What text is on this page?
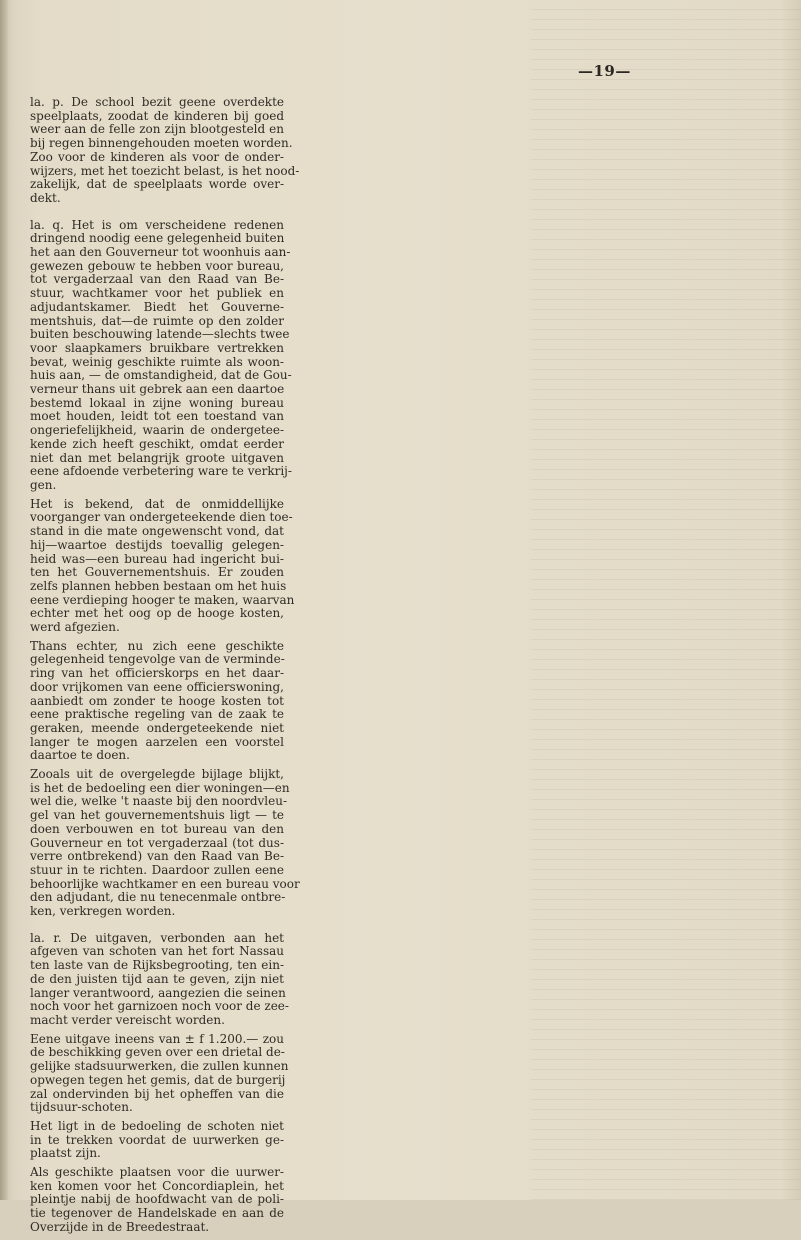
—19—

la. p. De school bezit geene overdekte
speelplaats, zoodat de kinderen bij goed
weer aan de felle zon zijn blootgesteld en
bij regen binnengehouden moeten worden.
Zoo voor de kinderen als voor de onder-
wijzers, met het toezicht belast, is het nood-
zakelijk, dat de speelplaats worde over-
dekt.

la. q. Het is om verscheidene redenen
dringend noodig eene gelegenheid buiten
het aan den Gouverneur tot woonhuis aan-
gewezen gebouw te hebben voor bureau,
tot vergaderzaal van den Raad van Be-
stuur, wachtkamer voor het publiek en
adjudantskamer. Biedt het Gouverne-
mentshuis, dat—de ruimte op den zolder
buiten beschouwing latende—slechts twee
voor slaapkamers bruikbare vertrekken
bevat, weinig geschikte ruimte als woon-
huis aan, — de omstandigheid, dat de Gou-
verneur thans uit gebrek aan een daartoe
bestemd lokaal in zijne woning bureau
moet houden, leidt tot een toestand van
ongeriefelijkheid, waarin de ondergetee-
kende zich heeft geschikt, omdat eerder
niet dan met belangrijk groote uitgaven
eene afdoende verbetering ware te verkrij-
gen.

Het is bekend, dat de onmiddellijke
voorganger van ondergeteekende dien toe-
stand in die mate ongewenscht vond, dat
hij—waartoe destijds toevallig gelegen-
heid was—een bureau had ingericht bui-
ten het Gouvernementshuis. Er zouden
zelfs plannen hebben bestaan om het huis
eene verdieping hooger te maken, waarvan
echter met het oog op de hooge kosten,
werd afgezien.

Thans echter, nu zich eene geschikte
gelegenheid tengevolge van de verminde-
ring van het officierskorps en het daar-
door vrijkomen van eene officierswoning,
aanbiedt om zonder te hooge kosten tot
eene praktische regeling van de zaak te
geraken, meende ondergeteekende niet
langer te mogen aarzelen een voorstel
daartoe te doen.

Zooals uit de overgelegde bijlage blijkt,
is het de bedoeling een dier woningen—en
wel die, welke 't naaste bij den noordvleu-
gel van het gouvernementshuis ligt — te
doen verbouwen en tot bureau van den
Gouverneur en tot vergaderzaal (tot dus-
verre ontbrekend) van den Raad van Be-
stuur in te richten. Daardoor zullen eene
behoorlijke wachtkamer en een bureau voor
den adjudant, die nu tenecenmale ontbre-
ken, verkregen worden.

la. r. De uitgaven, verbonden aan het
afgeven van schoten van het fort Nassau
ten laste van de Rijksbegrooting, ten ein-
de den juisten tijd aan te geven, zijn niet
langer verantwoord, aangezien die seinen
noch voor het garnizoen noch voor de zee-
macht verder vereischt worden.

Eene uitgave ineens van ± f 1.200.— zou
de beschikking geven over een drietal de-
gelijke stadsuurwerken, die zullen kunnen
opwegen tegen het gemis, dat de burgerij
zal ondervinden bij het opheffen van die
tijdsuur-schoten.

Het ligt in de bedoeling de schoten niet
in te trekken voordat de uurwerken ge-
plaatst zijn.

Als geschikte plaatsen voor die uurwer-
ken komen voor het Concordiaplein, het
pleintje nabij de hoofdwacht van de poli-
tie tegenover de Handelskade en aan de
Overzijde in de Breedestraat.
